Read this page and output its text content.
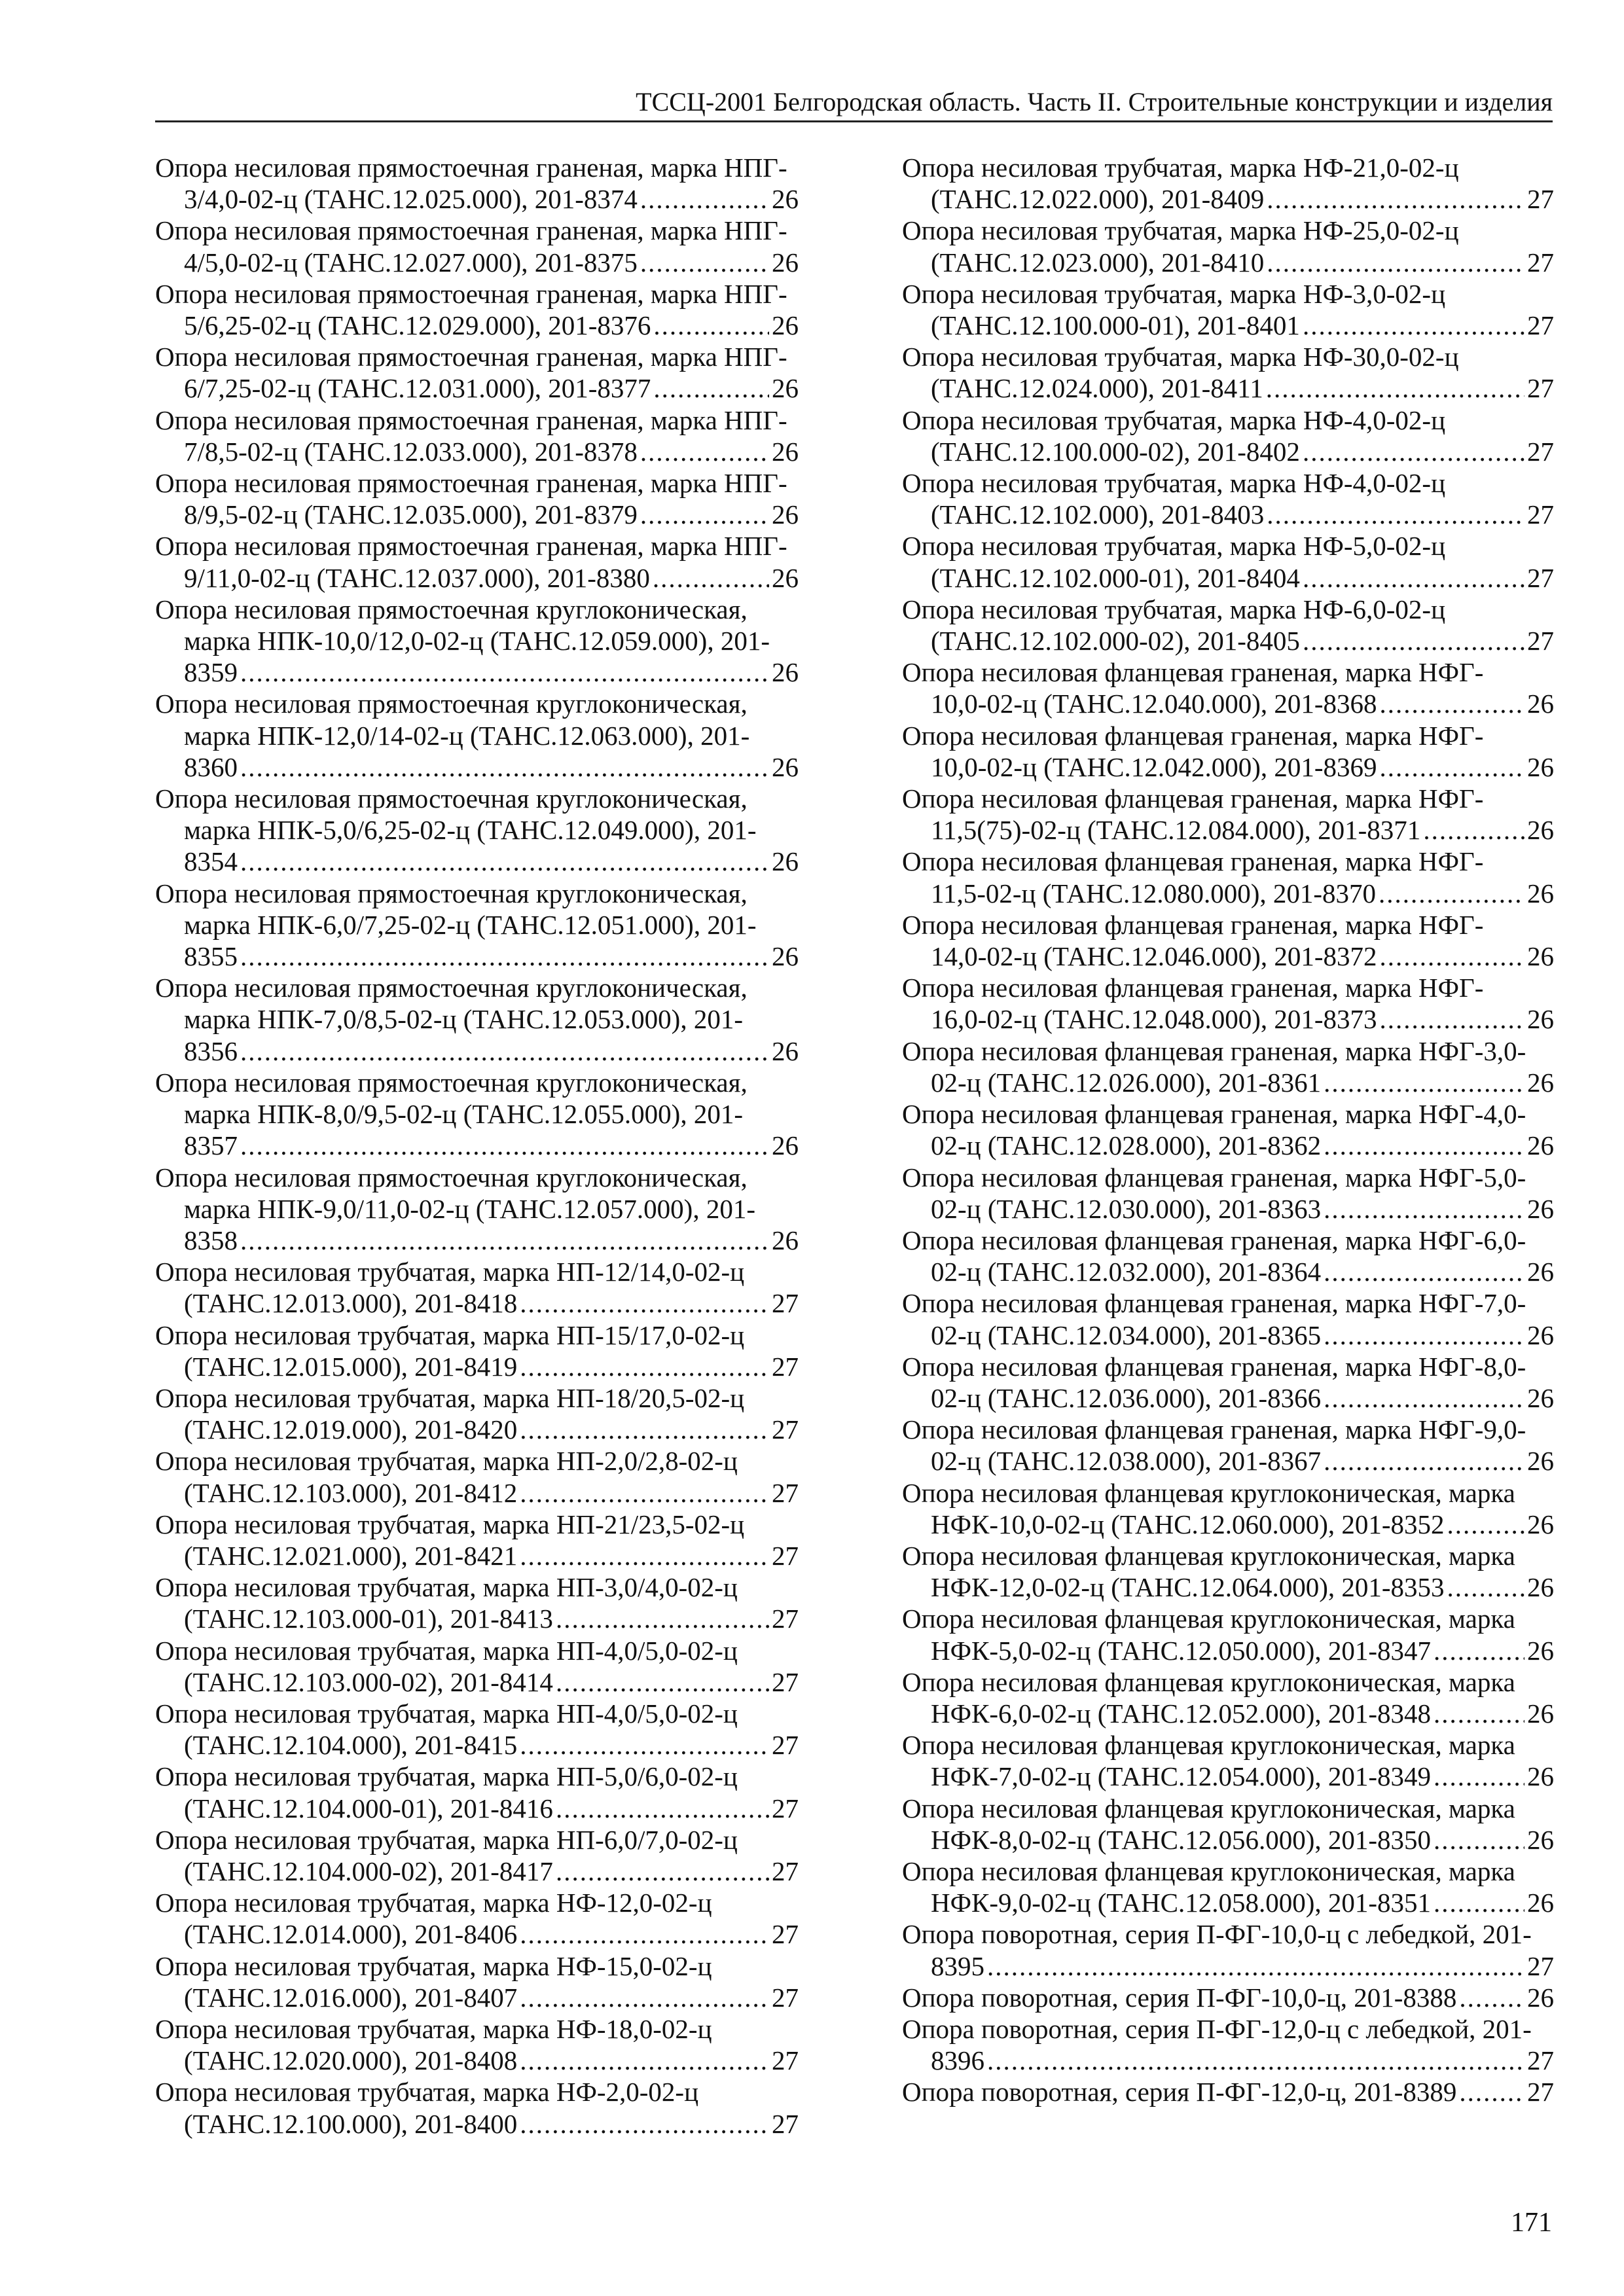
ТССЦ-2001 Белгородская область. Часть II. Строительные конструкции и изделия
Опора несиловая прямостоечная граненая, марка НПГ-
3/4,0-02-ц (ТАНС.12.025.000), 201-8374 .....	26
Опора несиловая прямостоечная граненая, марка НПГ-
4/5,0-02-ц (ТАНС.12.027.000), 201-8375 .....	26
Опора несиловая прямостоечная граненая, марка НПГ-
5/6,25-02-ц (ТАНС.12.029.000), 201-8376 .....	26
Опора несиловая прямостоечная граненая, марка НПГ-
6/7,25-02-ц (ТАНС.12.031.000), 201-8377 .....	26
Опора несиловая прямостоечная граненая, марка НПГ-
7/8,5-02-ц (ТАНС.12.033.000), 201-8378 .....	26
Опора несиловая прямостоечная граненая, марка НПГ-
8/9,5-02-ц (ТАНС.12.035.000), 201-8379 .....	26
Опора несиловая прямостоечная граненая, марка НПГ-
9/11,0-02-ц (ТАНС.12.037.000), 201-8380 .....	26
Опора несиловая прямостоечная круглоконическая,
марка НПК-10,0/12,0-02-ц (ТАНС.12.059.000), 201-
8359 .....	26
Опора несиловая прямостоечная круглоконическая,
марка НПК-12,0/14-02-ц (ТАНС.12.063.000), 201-
8360 .....	26
Опора несиловая прямостоечная круглоконическая,
марка НПК-5,0/6,25-02-ц (ТАНС.12.049.000), 201-
8354 .....	26
Опора несиловая прямостоечная круглоконическая,
марка НПК-6,0/7,25-02-ц (ТАНС.12.051.000), 201-
8355 .....	26
Опора несиловая прямостоечная круглоконическая,
марка НПК-7,0/8,5-02-ц (ТАНС.12.053.000), 201-
8356 .....	26
Опора несиловая прямостоечная круглоконическая,
марка НПК-8,0/9,5-02-ц (ТАНС.12.055.000), 201-
8357 .....	26
Опора несиловая прямостоечная круглоконическая,
марка НПК-9,0/11,0-02-ц (ТАНС.12.057.000), 201-
8358 .....	26
Опора несиловая трубчатая, марка НП-12/14,0-02-ц
(ТАНС.12.013.000), 201-8418 .....	27
Опора несиловая трубчатая, марка НП-15/17,0-02-ц
(ТАНС.12.015.000), 201-8419 .....	27
Опора несиловая трубчатая, марка НП-18/20,5-02-ц
(ТАНС.12.019.000), 201-8420 .....	27
Опора несиловая трубчатая, марка НП-2,0/2,8-02-ц
(ТАНС.12.103.000), 201-8412 .....	27
Опора несиловая трубчатая, марка НП-21/23,5-02-ц
(ТАНС.12.021.000), 201-8421 .....	27
Опора несиловая трубчатая, марка НП-3,0/4,0-02-ц
(ТАНС.12.103.000-01), 201-8413 .....	27
Опора несиловая трубчатая, марка НП-4,0/5,0-02-ц
(ТАНС.12.103.000-02), 201-8414 .....	27
Опора несиловая трубчатая, марка НП-4,0/5,0-02-ц
(ТАНС.12.104.000), 201-8415 .....	27
Опора несиловая трубчатая, марка НП-5,0/6,0-02-ц
(ТАНС.12.104.000-01), 201-8416 .....	27
Опора несиловая трубчатая, марка НП-6,0/7,0-02-ц
(ТАНС.12.104.000-02), 201-8417 .....	27
Опора несиловая трубчатая, марка НФ-12,0-02-ц
(ТАНС.12.014.000), 201-8406 .....	27
Опора несиловая трубчатая, марка НФ-15,0-02-ц
(ТАНС.12.016.000), 201-8407 .....	27
Опора несиловая трубчатая, марка НФ-18,0-02-ц
(ТАНС.12.020.000), 201-8408 .....	27
Опора несиловая трубчатая, марка НФ-2,0-02-ц
(ТАНС.12.100.000), 201-8400 .....	27
Опора несиловая трубчатая, марка НФ-21,0-02-ц
(ТАНС.12.022.000), 201-8409 .....	27
Опора несиловая трубчатая, марка НФ-25,0-02-ц
(ТАНС.12.023.000), 201-8410 .....	27
Опора несиловая трубчатая, марка НФ-3,0-02-ц
(ТАНС.12.100.000-01), 201-8401 .....	27
Опора несиловая трубчатая, марка НФ-30,0-02-ц
(ТАНС.12.024.000), 201-8411 .....	27
Опора несиловая трубчатая, марка НФ-4,0-02-ц
(ТАНС.12.100.000-02), 201-8402 .....	27
Опора несиловая трубчатая, марка НФ-4,0-02-ц
(ТАНС.12.102.000), 201-8403 .....	27
Опора несиловая трубчатая, марка НФ-5,0-02-ц
(ТАНС.12.102.000-01), 201-8404 .....	27
Опора несиловая трубчатая, марка НФ-6,0-02-ц
(ТАНС.12.102.000-02), 201-8405 .....	27
Опора несиловая фланцевая граненая, марка НФГ-
10,0-02-ц (ТАНС.12.040.000), 201-8368 .....	26
Опора несиловая фланцевая граненая, марка НФГ-
10,0-02-ц (ТАНС.12.042.000), 201-8369 .....	26
Опора несиловая фланцевая граненая, марка НФГ-
11,5(75)-02-ц (ТАНС.12.084.000), 201-8371 .....	26
Опора несиловая фланцевая граненая, марка НФГ-
11,5-02-ц (ТАНС.12.080.000), 201-8370 .....	26
Опора несиловая фланцевая граненая, марка НФГ-
14,0-02-ц (ТАНС.12.046.000), 201-8372 .....	26
Опора несиловая фланцевая граненая, марка НФГ-
16,0-02-ц (ТАНС.12.048.000), 201-8373 .....	26
Опора несиловая фланцевая граненая, марка НФГ-3,0-
02-ц (ТАНС.12.026.000), 201-8361 .....	26
Опора несиловая фланцевая граненая, марка НФГ-4,0-
02-ц (ТАНС.12.028.000), 201-8362 .....	26
Опора несиловая фланцевая граненая, марка НФГ-5,0-
02-ц (ТАНС.12.030.000), 201-8363 .....	26
Опора несиловая фланцевая граненая, марка НФГ-6,0-
02-ц (ТАНС.12.032.000), 201-8364 .....	26
Опора несиловая фланцевая граненая, марка НФГ-7,0-
02-ц (ТАНС.12.034.000), 201-8365 .....	26
Опора несиловая фланцевая граненая, марка НФГ-8,0-
02-ц (ТАНС.12.036.000), 201-8366 .....	26
Опора несиловая фланцевая граненая, марка НФГ-9,0-
02-ц (ТАНС.12.038.000), 201-8367 .....	26
Опора несиловая фланцевая круглоконическая, марка
НФК-10,0-02-ц (ТАНС.12.060.000), 201-8352 .....	26
Опора несиловая фланцевая круглоконическая, марка
НФК-12,0-02-ц (ТАНС.12.064.000), 201-8353 .....	26
Опора несиловая фланцевая круглоконическая, марка
НФК-5,0-02-ц (ТАНС.12.050.000), 201-8347 .....	26
Опора несиловая фланцевая круглоконическая, марка
НФК-6,0-02-ц (ТАНС.12.052.000), 201-8348 .....	26
Опора несиловая фланцевая круглоконическая, марка
НФК-7,0-02-ц (ТАНС.12.054.000), 201-8349 .....	26
Опора несиловая фланцевая круглоконическая, марка
НФК-8,0-02-ц (ТАНС.12.056.000), 201-8350 .....	26
Опора несиловая фланцевая круглоконическая, марка
НФК-9,0-02-ц (ТАНС.12.058.000), 201-8351 .....	26
Опора поворотная, серия П-ФГ-10,0-ц с лебедкой, 201-
8395 .....	27
Опора поворотная, серия П-ФГ-10,0-ц, 201-8388 .....	26
Опора поворотная, серия П-ФГ-12,0-ц с лебедкой, 201-
8396 .....	27
Опора поворотная, серия П-ФГ-12,0-ц, 201-8389 .....	27
171
